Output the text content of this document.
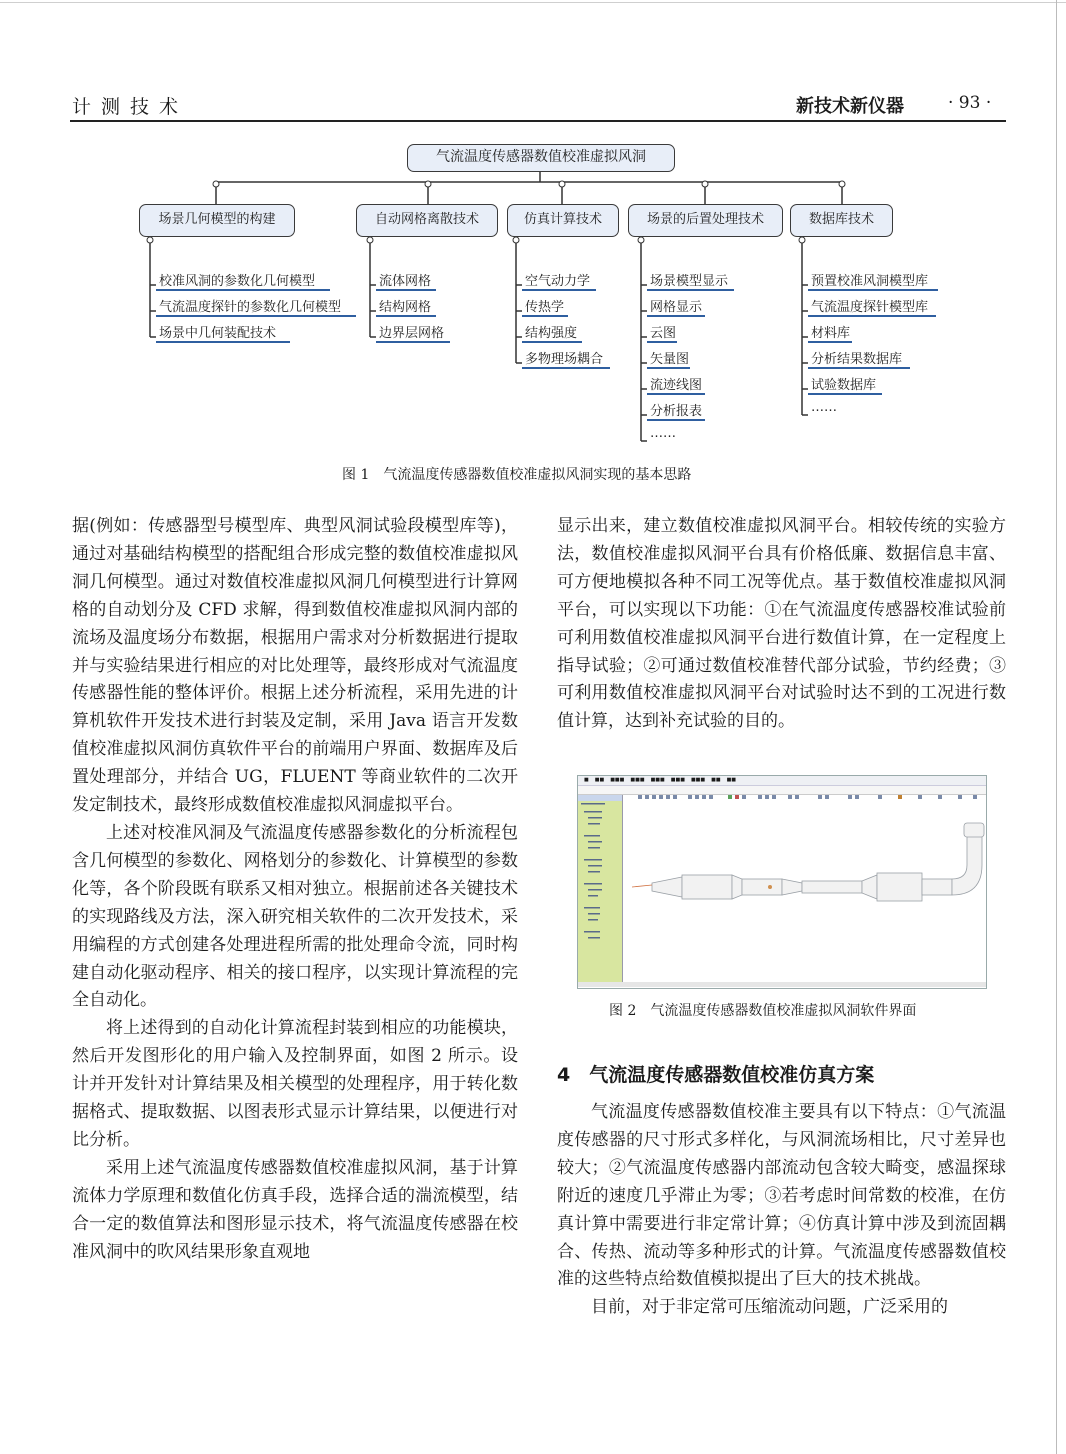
计测技术	新技术新仪器	· 93 ·
气流温度传感器数值校准虚拟风洞
场景几何模型的构建	自动网格离散技术	仿真计算技术	场景的后置处理技术	数据库技术
校准风洞的参数化几何模型
气流温度探针的参数化几何模型
场景中几何装配技术
流体网格
结构网格
边界层网格
空气动力学
传热学
结构强度
多物理场耦合
场景模型显示
网格显示
云图
矢量图
流迹线图
分析报表
……
预置校准风洞模型库
气流温度探针模型库
材料库
分析结果数据库
试验数据库
……
图 1　气流温度传感器数值校准虚拟风洞实现的基本思路

据(例如：传感器型号模型库、典型风洞试验段模型库等)，通过对基础结构模型的搭配组合形成完整的数值校准虚拟风洞几何模型。通过对数值校准虚拟风洞几何模型进行计算网格的自动划分及 CFD 求解，得到数值校准虚拟风洞内部的流场及温度场分布数据，根据用户需求对分析数据进行提取并与实验结果进行相应的对比处理等，最终形成对气流温度传感器性能的整体评价。根据上述分析流程，采用先进的计算机软件开发技术进行封装及定制，采用 Java 语言开发数值校准虚拟风洞仿真软件平台的前端用户界面、数据库及后置处理部分，并结合 UG，FLUENT 等商业软件的二次开发定制技术，最终形成数值校准虚拟风洞虚拟平台。

上述对校准风洞及气流温度传感器参数化的分析流程包含几何模型的参数化、网格划分的参数化、计算模型的参数化等，各个阶段既有联系又相对独立。根据前述各关键技术的实现路线及方法，深入研究相关软件的二次开发技术，采用编程的方式创建各处理进程所需的批处理命令流，同时构建自动化驱动程序、相关的接口程序，以实现计算流程的完全自动化。

将上述得到的自动化计算流程封装到相应的功能模块，然后开发图形化的用户输入及控制界面，如图 2 所示。设计并开发针对计算结果及相关模型的处理程序，用于转化数据格式、提取数据、以图表形式显示计算结果，以便进行对比分析。

采用上述气流温度传感器数值校准虚拟风洞，基于计算流体力学原理和数值化仿真手段，选择合适的湍流模型，结合一定的数值算法和图形显示技术，将气流温度传感器在校准风洞中的吹风结果形象直观地

显示出来，建立数值校准虚拟风洞平台。相较传统的实验方法，数值校准虚拟风洞平台具有价格低廉、数据信息丰富、可方便地模拟各种不同工况等优点。基于数值校准虚拟风洞平台，可以实现以下功能：①在气流温度传感器校准试验前可利用数值校准虚拟风洞平台进行数值计算，在一定程度上指导试验；②可通过数值校准替代部分试验，节约经费；③可利用数值校准虚拟风洞平台对试验时达不到的工况进行数值计算，达到补充试验的目的。

■ ■■ ■■■ ■■■ ■■■ ■■■ ■■■ ■■ ■■
图 2　气流温度传感器数值校准虚拟风洞软件界面
4　气流温度传感器数值校准仿真方案

气流温度传感器数值校准主要具有以下特点：①气流温度传感器的尺寸形式多样化，与风洞流场相比，尺寸差异也较大；②气流温度传感器内部流动包含较大畸变，感温探球附近的速度几乎滞止为零；③若考虑时间常数的校准，在仿真计算中需要进行非定常计算；④仿真计算中涉及到流固耦合、传热、流动等多种形式的计算。气流温度传感器数值校准的这些特点给数值模拟提出了巨大的技术挑战。

目前，对于非定常可压缩流动问题，广泛采用的
